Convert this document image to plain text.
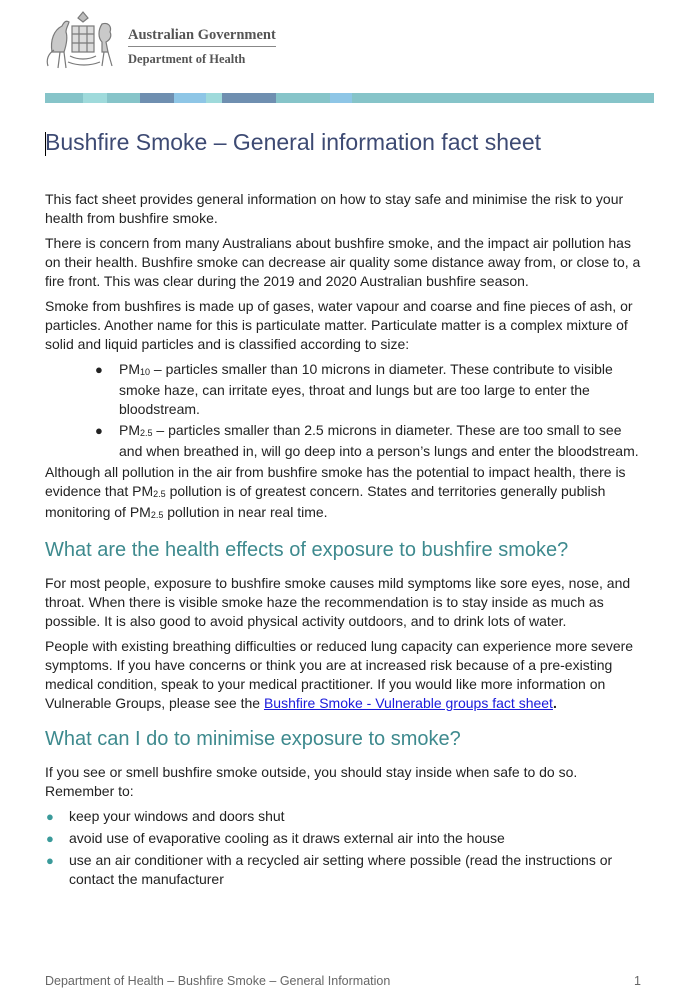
Australian Government
Department of Health
Bushfire Smoke – General information fact sheet

This fact sheet provides general information on how to stay safe and minimise the risk to your health from bushfire smoke.

There is concern from many Australians about bushfire smoke, and the impact air pollution has on their health. Bushfire smoke can decrease air quality some distance away from, or close to, a fire front. This was clear during the 2019 and 2020 Australian bushfire season.

Smoke from bushfires is made up of gases, water vapour and coarse and fine pieces of ash, or particles. Another name for this is particulate matter. Particulate matter is a complex mixture of solid and liquid particles and is classified according to size:

● $PM_{10}$ – particles smaller than 10 microns in diameter. These contribute to visible smoke haze, can irritate eyes, throat and lungs but are too large to enter the bloodstream.
● $PM_{2.5}$ – particles smaller than 2.5 microns in diameter. These are too small to see and when breathed in, will go deep into a person’s lungs and enter the bloodstream.

Although all pollution in the air from bushfire smoke has the potential to impact health, there is evidence that $PM_{2.5}$ pollution is of greatest concern. States and territories generally publish monitoring of $PM_{2.5}$ pollution in near real time.

What are the health effects of exposure to bushfire smoke?

For most people, exposure to bushfire smoke causes mild symptoms like sore eyes, nose, and throat. When there is visible smoke haze the recommendation is to stay inside as much as possible. It is also good to avoid physical activity outdoors, and to drink lots of water.

People with existing breathing difficulties or reduced lung capacity can experience more severe symptoms. If you have concerns or think you are at increased risk because of a pre-existing medical condition, speak to your medical practitioner. If you would like more information on Vulnerable Groups, please see the Bushfire Smoke - Vulnerable groups fact sheet.

What can I do to minimise exposure to smoke?

If you see or smell bushfire smoke outside, you should stay inside when safe to do so. Remember to:

● keep your windows and doors shut
● avoid use of evaporative cooling as it draws external air into the house
● use an air conditioner with a recycled air setting where possible (read the instructions or contact the manufacturer
Department of Health – Bushfire Smoke – General Information	1
